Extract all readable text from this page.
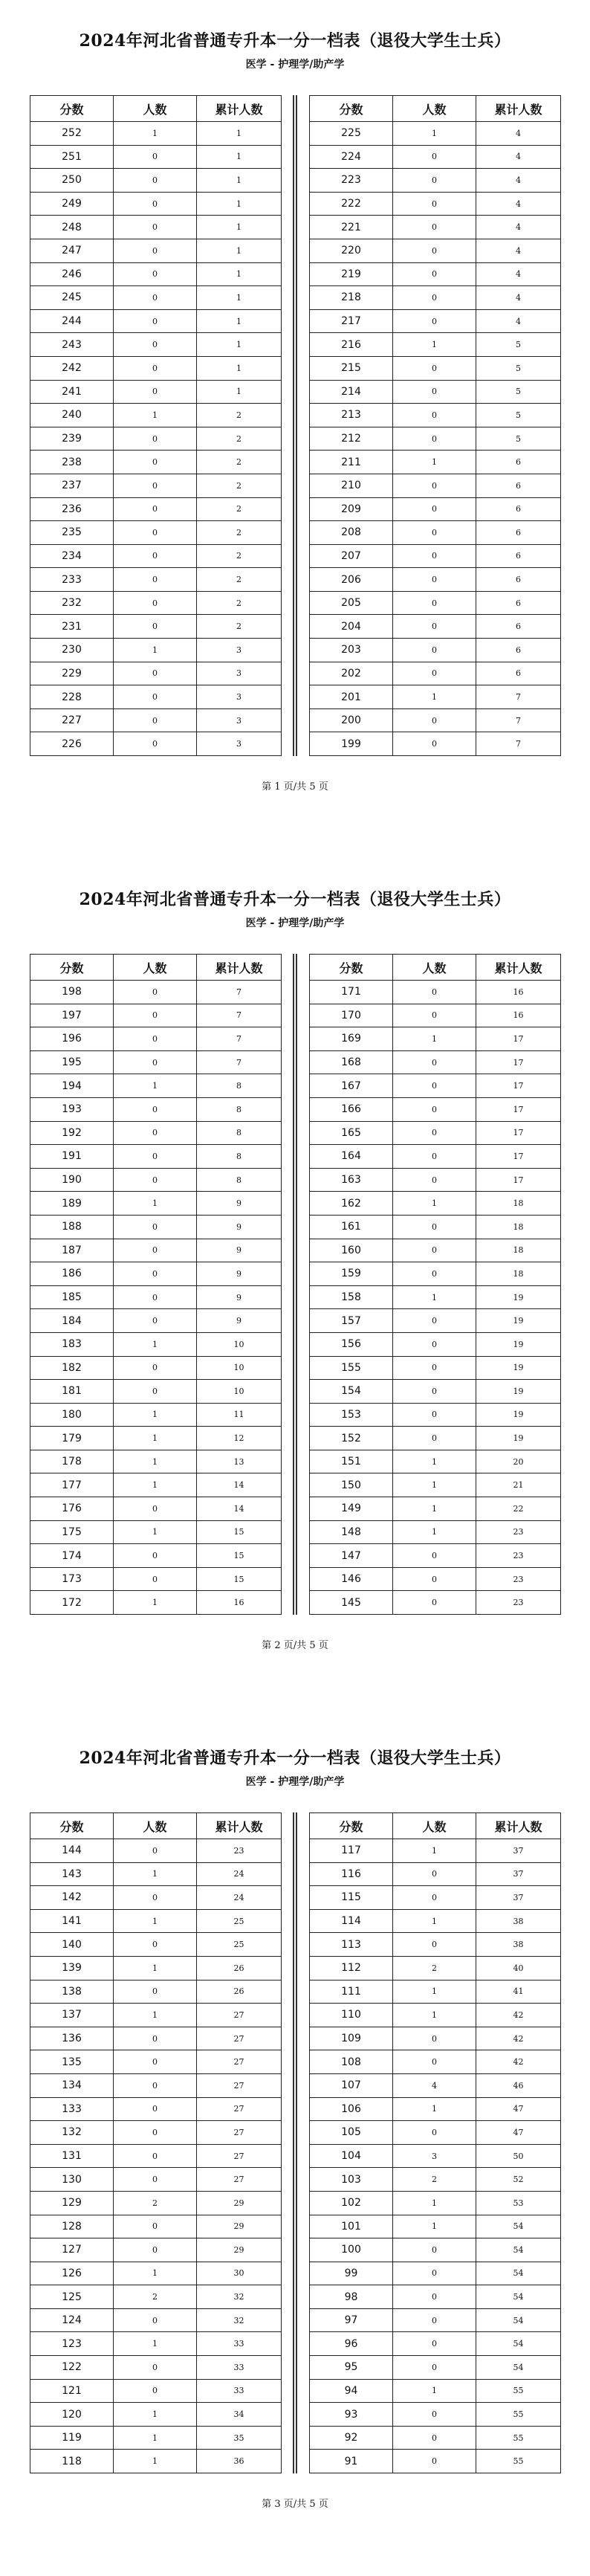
2024年河北省普通专升本一分一档表（退役大学生士兵）
医学 - 护理学/助产学
分数	人数	累计人数
252	1	1
251	0	1
250	0	1
249	0	1
248	0	1
247	0	1
246	0	1
245	0	1
244	0	1
243	0	1
242	0	1
241	0	1
240	1	2
239	0	2
238	0	2
237	0	2
236	0	2
235	0	2
234	0	2
233	0	2
232	0	2
231	0	2
230	1	3
229	0	3
228	0	3
227	0	3
226	0	3
分数	人数	累计人数
225	1	4
224	0	4
223	0	4
222	0	4
221	0	4
220	0	4
219	0	4
218	0	4
217	0	4
216	1	5
215	0	5
214	0	5
213	0	5
212	0	5
211	1	6
210	0	6
209	0	6
208	0	6
207	0	6
206	0	6
205	0	6
204	0	6
203	0	6
202	0	6
201	1	7
200	0	7
199	0	7
第 1 页/共 5 页
2024年河北省普通专升本一分一档表（退役大学生士兵）
医学 - 护理学/助产学
分数	人数	累计人数
198	0	7
197	0	7
196	0	7
195	0	7
194	1	8
193	0	8
192	0	8
191	0	8
190	0	8
189	1	9
188	0	9
187	0	9
186	0	9
185	0	9
184	0	9
183	1	10
182	0	10
181	0	10
180	1	11
179	1	12
178	1	13
177	1	14
176	0	14
175	1	15
174	0	15
173	0	15
172	1	16
分数	人数	累计人数
171	0	16
170	0	16
169	1	17
168	0	17
167	0	17
166	0	17
165	0	17
164	0	17
163	0	17
162	1	18
161	0	18
160	0	18
159	0	18
158	1	19
157	0	19
156	0	19
155	0	19
154	0	19
153	0	19
152	0	19
151	1	20
150	1	21
149	1	22
148	1	23
147	0	23
146	0	23
145	0	23
第 2 页/共 5 页
2024年河北省普通专升本一分一档表（退役大学生士兵）
医学 - 护理学/助产学
分数	人数	累计人数
144	0	23
143	1	24
142	0	24
141	1	25
140	0	25
139	1	26
138	0	26
137	1	27
136	0	27
135	0	27
134	0	27
133	0	27
132	0	27
131	0	27
130	0	27
129	2	29
128	0	29
127	0	29
126	1	30
125	2	32
124	0	32
123	1	33
122	0	33
121	0	33
120	1	34
119	1	35
118	1	36
分数	人数	累计人数
117	1	37
116	0	37
115	0	37
114	1	38
113	0	38
112	2	40
111	1	41
110	1	42
109	0	42
108	0	42
107	4	46
106	1	47
105	0	47
104	3	50
103	2	52
102	1	53
101	1	54
100	0	54
99	0	54
98	0	54
97	0	54
96	0	54
95	0	54
94	1	55
93	0	55
92	0	55
91	0	55
第 3 页/共 5 页
